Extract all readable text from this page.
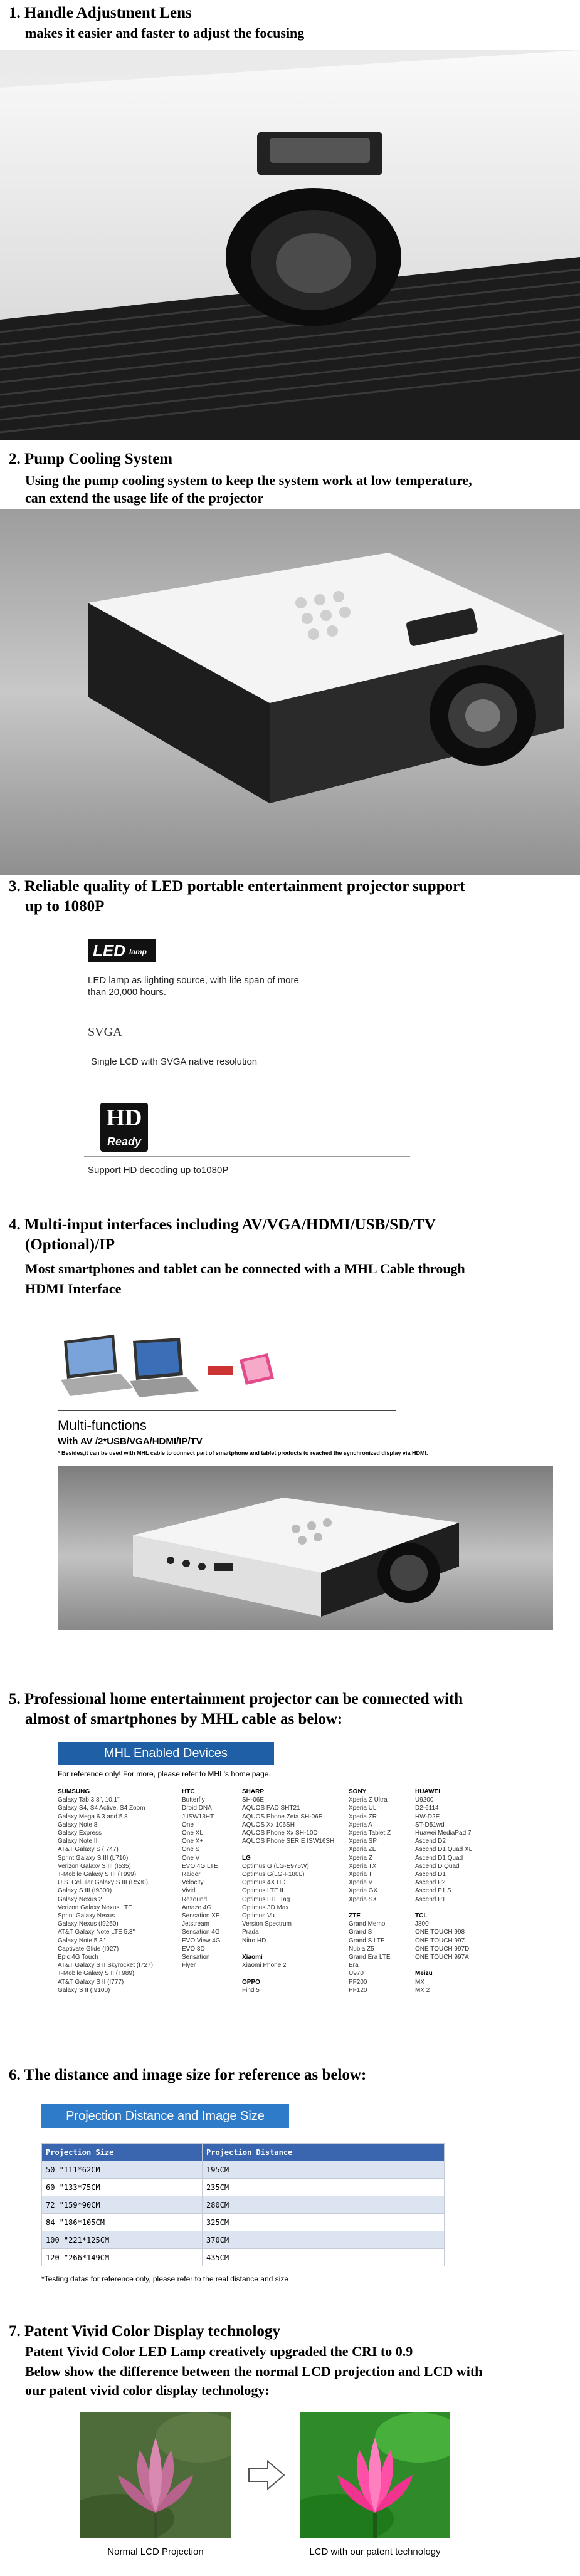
1. Handle Adjustment Lens

makes it easier and faster to adjust the focusing

2. Pump Cooling System

Using the pump cooling system to keep the system work at low temperature,

can extend the usage life of the projector

3. Reliable quality of LED portable entertainment projector support
up to 1080P
LED lamp
LED lamp as lighting source, with life span of more
than 20,000 hours.
SVGA
Single LCD with SVGA native resolution
HD
Ready
Support HD decoding up to1080P
4. Multi-input interfaces including AV/VGA/HDMI/USB/SD/TV
(Optional)/IP

Most smartphones and tablet can be connected with a MHL Cable through

HDMI Interface

Multi-functions
With AV /2*USB/VGA/HDMI/IP/TV
* Besides,it can be used with MHL cable to connect part of smartphone and tablet products to reached the synchronized display via HDMI.
5. Professional home entertainment projector can be connected with
almost of smartphones by MHL cable as below:
MHL Enabled Devices
For reference only! For more, please refer to MHL's home page.
SUMSUNG
Galaxy Tab 3 8", 10.1"
Galaxy S4, S4 Active, S4 Zoom
Galaxy Mega 6.3 and 5.8
Galaxy Note 8
Galaxy Express
Galaxy Note II
AT&T Galaxy S (I747)
Sprint Galaxy S III (L710)
Verizon Galaxy S III (I535)
T-Mobile Galaxy S III (T999)
U.S. Cellular Galaxy S III (R530)
Galaxy S III (I9300)
Galaxy Nexus 2
Verizon Galaxy Nexus LTE
Sprint Galaxy Nexus
Galaxy Nexus (I9250)
AT&T Galaxy Note LTE 5.3"
Galaxy Note 5.3"
Captivate Glide (I927)
Epic 4G Touch
AT&T Galaxy S II Skyrocket (I727)
T-Mobile Galaxy S II (T989)
AT&T Galaxy S II (I777)
Galaxy S II (I9100)
HTC
Butterfly
Droid DNA
J ISW13HT
One
One XL
One X+
One S
One V
EVO 4G LTE
Raider
Velocity
Vivid
Rezound
Amaze 4G
Sensation XE
Jetstream
Sensation 4G
EVO View 4G
EVO 3D
Sensation
Flyer
SHARP
SH-06E
AQUOS PAD SHT21
AQUOS Phone Zeta SH-06E
AQUOS Xx 106SH
AQUOS Phone Xx SH-10D
AQUOS Phone SERIE ISW16SH

LG
Optimus G (LG-E975W)
Optimus G(LG-F180L)
Optimus 4X HD
Optimus LTE II
Optimus LTE Tag
Optimus 3D Max
Optimus Vu
Version Spectrum
Prada
Nitro HD

Xiaomi
Xiaomi Phone 2

OPPO
Find 5
SONY
Xperia Z Ultra
Xperia UL
Xperia ZR
Xperia A
Xperia Tablet Z
Xperia SP
Xperia ZL
Xperia Z
Xperia TX
Xperia T
Xperia V
Xperia GX
Xperia SX

ZTE
Grand Memo
Grand S
Grand S LTE
Nubia Z5
Grand Era LTE
Era
U970
PF200
PF120
HUAWEI
U9200
D2-6114
HW-D2E
ST-D51wd
Huawei MediaPad 7
Ascend D2
Ascend D1 Quad XL
Ascend D1 Quad
Ascend D Quad
Ascend D1
Ascend P2
Ascend P1 S
Ascend P1

TCL
J800
ONE TOUCH 998
ONE TOUCH 997
ONE TOUCH 997D
ONE TOUCH 997A

Meizu
MX
MX 2
6. The distance and image size for reference as below:
Projection Distance and Image Size
Projection Size	Projection Distance
50 "111*62CM	195CM
60 "133*75CM	235CM
72 "159*90CM	280CM
84 "186*105CM	325CM
100 "221*125CM	370CM
120 "266*149CM	435CM
*Testing datas for reference only, please refer to the real distance and size
7. Patent Vivid Color Display technology

Patent Vivid Color LED Lamp creatively upgraded the CRI to 0.9

Below show the difference between the normal LCD projection and LCD with

our patent vivid color display technology:

Normal LCD Projection	LCD with our patent technology
